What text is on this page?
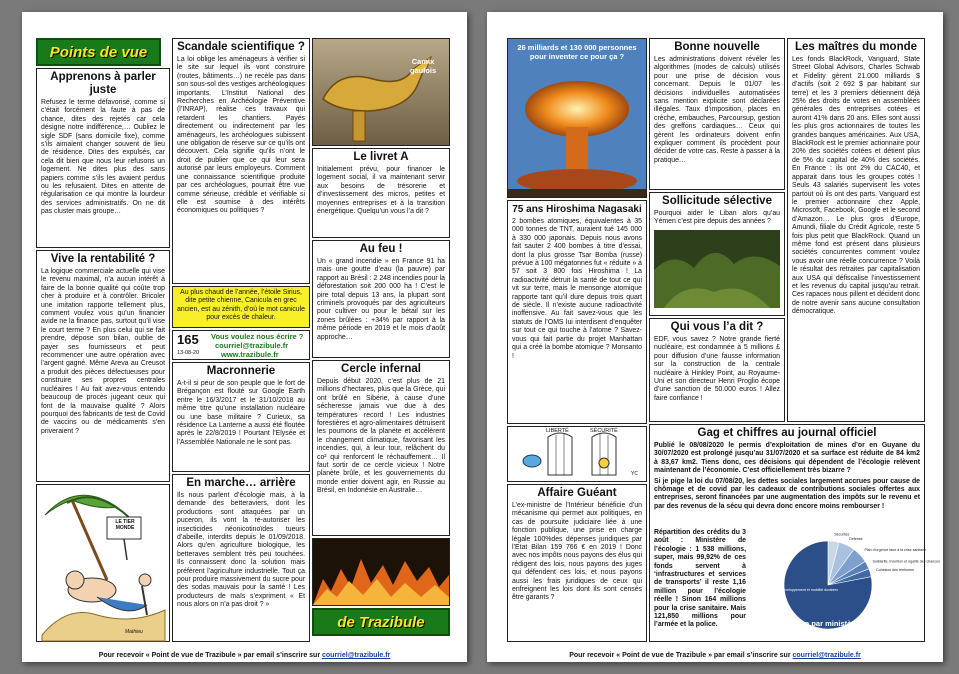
Points de vue
Apprenons à parler juste

Refusez le terme défavorisé, comme si c’était forcément la faute à pas de chance, dites des rejetés car cela désigne notre indifférence,… Oubliez le sigle SDF (sans domicile fixe), comme s’ils aimaient changer souvent de lieu de résidence. Dites des expulsés, car cela dit bien que nous leur refusons un logement. Ne dites plus des sans papiers comme s’ils les avaient perdus ou les refusaient. Dites en attente de régularisation ce qui montre la lourdeur des services administratifs. On ne dit pas cluster mais groupe…

Vive la rentabilité ?

La logique commerciale actuelle qui vise le revenu maximal, n’a aucun intérêt à faire de la bonne qualité qui coûte trop cher à produire et à contrôler. Bricoler une imitation rapporte tellement plus, comment voulez vous qu’un financier avide ne la finance pas, surtout qu’il vise le court terme ? En plus celui qui se fait prendre, dépose son bilan, oublie de payer ses fournisseurs et peut recommencer une autre opération avec l’argent gagné. Même Areva au Creusot a produit des pièces défectueuses pour construire ses propres centrales nucléaires ! Au fait avez-vous entendu beaucoup de procès jugeant ceux qui font de la mauvaise qualité ? Alors pourquoi des fabricants de test de Covid de vaccins ou de médicaments s’en priveraient ?

LE TIER MONDE
Mathieu
Scandale scientifique ?

La loi oblige les aménageurs à vérifier si le site sur lequel ils vont construire (routes, bâtiments…) ne recèle pas dans son sous-sol des vestiges archéologiques importants. L’Institut National des Recherches en Archéologie Préventive (l’INRAP), réalise ces travaux qui retardent les chantiers. Payés directement ou indirectement par les aménageurs, les archéologues subissent une obligation de réserve sur ce qu’ils ont découvert. Cela signifie qu’ils n’ont le droit de publier que ce qui leur sera autorisé par leurs employeurs. Comment une connaissance scientifique produite par ces archéologues, pourrait être vue comme sérieuse, crédible et vérifiable si elle est soumise à des intérêts économiques ou politiques ?

Au plus chaud de l’année, l’étoile Sirius, dite petite chienne, Canicula en grec ancien, est au zénith, d’où le mot canicule pour excès de chaleur.

165
13-08-20
Vous voulez nous écrire ?
courriel@trazibule.fr
www.trazibule.fr
Macronnerie

A-t-il si peur de son peuple que le fort de Brégançon est flouté sur Google Earth entre le 16/3/2017 et le 31/10/2018 au même titre qu’une installation nucléaire ou une base militaire ? Curieux, sa résidence La Lanterne a aussi été floutée après le 22/8/2019 ! Pourtant l’Elysée et l’Assemblée Nationale ne le sont pas.

En marche… arrière

Ils nous parlent d’écologie mais, à la demande des betteraviers, dont les productions sont attaquées par un puceron, ils vont la ré-autoriser les insecticides néonicotinoïdes tueurs d’abeille, interdits depuis le 01/09/2018. Alors qu’en agriculture biologique, les betteraves semblent très peu touchées. Ils connaissent donc la solution mais préfèrent l’agriculture industrielle. Tout ça pour produire massivement du sucre pour des sodas mauvais pour la santé ! Les producteurs de maïs s’expriment « Et nous alors on n’a pas droit ? »

Camix gaulois
Le livret A

Initialement prévu, pour financer le logement social, il va maintenant servir aux besoins de trésorerie et d’investissement des micros, petites et moyennes entreprises et à la transition énergétique. Quelqu’un vous l’a dit ?

Au feu !

Un « grand incendie » en France 91 ha mais une goutte d’eau (la pauvre) par rapport au Brésil : 2 248 incendies pour la déforestation soit 200 000 ha ! C’est le pire total depuis 13 ans, la plupart sont criminels provoqués par des agriculteurs pour cultiver ou pour le bétail sur les zones brûlées : +34% par rapport à la même période en 2019 et le mois d’août approche…

Cercle infernal

Depuis début 2020, c’est plus de 21 millions d’hectares, plus que la Grèce, qui ont brûlé en Sibérie, à cause d’une sécheresse jamais vue due à des températures record ! Les industries forestières et agro-alimentaires détruisent les poumons de la planète et accélèrent le changement climatique, favorisant les incendies, qui, à leur tour, relâchent du co² qui renforcent le réchauffement… Il faut sortir de ce cercle vicieux ! Notre planète brûle, et les gouvernements du monde entier doivent agir, en Russie au Brésil, en Indonésie en Australie…

de Trazibule
Pour recevoir « Point de vue de Trazibule » par email s’inscrire sur courriel@trazibule.fr
26 milliards et 130 000 personnes pour inventer ce pour ça ?
75 ans Hiroshima Nagasaki

2 bombes atomiques, équivalentes à 35 000 tonnes de TNT, auraient tué 145 000 à 330 000 japonais. Depuis nous avons fait sauter 2 400 bombes à titre d’essai, dont la plus grosse Tsar Bomba (russe) prévue à 100 mégatonnes fut « réduite » à 57 soit 3 800 fois Hiroshima ! La radioactivité détruit la santé de tout ce qui vit sur terre, mais le mensonge atomique rapporte tant qu’il dure depuis trois quart de siècle. Il n’existe aucune radioactivité inoffensive. Au fait savez-vous que les statuts de l’OMS lui interdisent d’enquêter sur tout ce qui touche à l’atome ? Savez-vous qui fait partie du projet Manhattan qui a créé la bombe atomique ? Monsanto !

LIBERTÉ	SÉCURITÉ
YC
Affaire Guéant

L’ex-ministre de l’Intérieur bénéficie d’un mécanisme qui permet aux politiques, en cas de poursuite judiciaire liée à une fonction publique, une prise en charge légale 100%des dépenses juridiques par l’Etat Bilan 159 766 € en 2019 ! Donc avec nos impôts nous payons des élus qui rédigent des lois, nous payons des juges qui défendent ces lois, et nous payons aussi les frais juridiques de ceux qui enfreignent les lois dont ils sont censés être garants ?

Bonne nouvelle

Les administrations doivent révéler les algorithmes (modes de calculs) utilisés pour une prise de décision vous concernant. Depuis le 01/07 les décisions individuelles automatisées sans mention explicite sont déclarées illégales. Taux d’imposition, places en crèche, embauches, Parcoursup, gestion des greffons cardiaques… Ceux qui gèrent les ordinateurs doivent enfin expliquer comment ils procèdent pour décider de votre cas. Reste à passer à la pratique…

Sollicitude sélective

Pourquoi aider le Liban alors qu’au Yémen c’est pire depuis des années ?

Qui vous l’a dit ?

EDF, vous savez ? Notre grande fierté nucléaire, est condamnée à 5 millions £ pour diffusion d’une fausse information sur la construction de la centrale nucléaire à Hinkley Point, au Royaume-Uni et son directeur Henri Proglio écope d’une sanction de 50.000 euros ! Allez faire confiance !

Les maîtres du monde

Les fonds BlackRock, Vanguard, State Street Global Advisors, Charles Schwab et Fidelity gèrent 21.000 milliards $ d’actifs (soit 2 692 $ par habitant sur terre) et les 3 premiers détiennent déjà 25% des droits de votes en assemblées générales des entreprises cotées et auront 41% dans 20 ans. Elles sont aussi les plus gros actionnaires de toutes les grandes banques américaines. Aux USA, BlackRock est le premier actionnaire pour 20% des sociétés cotées et détient plus de 5% du capital de 40% des sociétés. En France : ils ont 2% du CAC40, et apparait dans tous les groupes cotés ! Seuls 43 salariés supervisent les votes partout où ils ont des parts. Vanguard est le premier actionnaire chez Apple, Microsoft, Facebook, Google et le second d’Amazon… Le plus gros d’Europe, Amundi, filiale du Crédit Agricole, reste 5 fois plus petit que BlackRock. Quand un même fond est présent dans plusieurs sociétés concurrentes comment voulez vous avoir une réelle concurrence ? Voilà le résultat des retraites par capitalisation aux USA qui défiscalise l’investissement et les revenus du capital jusqu’au retrait. Ces rapaces nous pillent et décident donc de notre avenir sans aucune consultation démocratique.

Gag et chiffres au journal officiel

Publié le 08/08/2020 le permis d’exploitation de mines d’or en Guyane du 30/07/2020 est prolongé jusqu’au 31/07/2020 et sa surface est réduite de 84 km2 à 83,67 km2. Tiens donc, ces décisions qui dépendent de l’écologie relèvent maintenant de l’économie. C’est officiellement très bizarre ?

Si je pige la loi du 07/08/20, les dettes sociales largement accrues pour cause de chômage et de covid par les cadeaux de contributions sociales offertes aux entreprises, seront financées par une augmentation des impôts sur le revenu et par des revenus de la sécu qui devra donc encore moins rembourser !

Répartition des crédits du 3 août : Ministère de l’écologie : 1 538 millions, super, mais 99,92% de ces fonds servent à ‘infrastructures et services de transports’ il reste 1,16 million pour l’écologie réelle ! Sinon 164 millions pour la crise sanitaire. Mais 121,850 millions pour l’armée et la police.

Sécurités
Défense
Plan d’urgence face à la crise sanitaire
Solidarité, insertion et égalité des chances
Cohésion des territoires
Écologie, développement et mobilité durables
Répartition par ministères des crédits affecté ce 8 août
Pour recevoir « Point de vue de Trazibule » par email s’inscrire sur courriel@trazibule.fr
